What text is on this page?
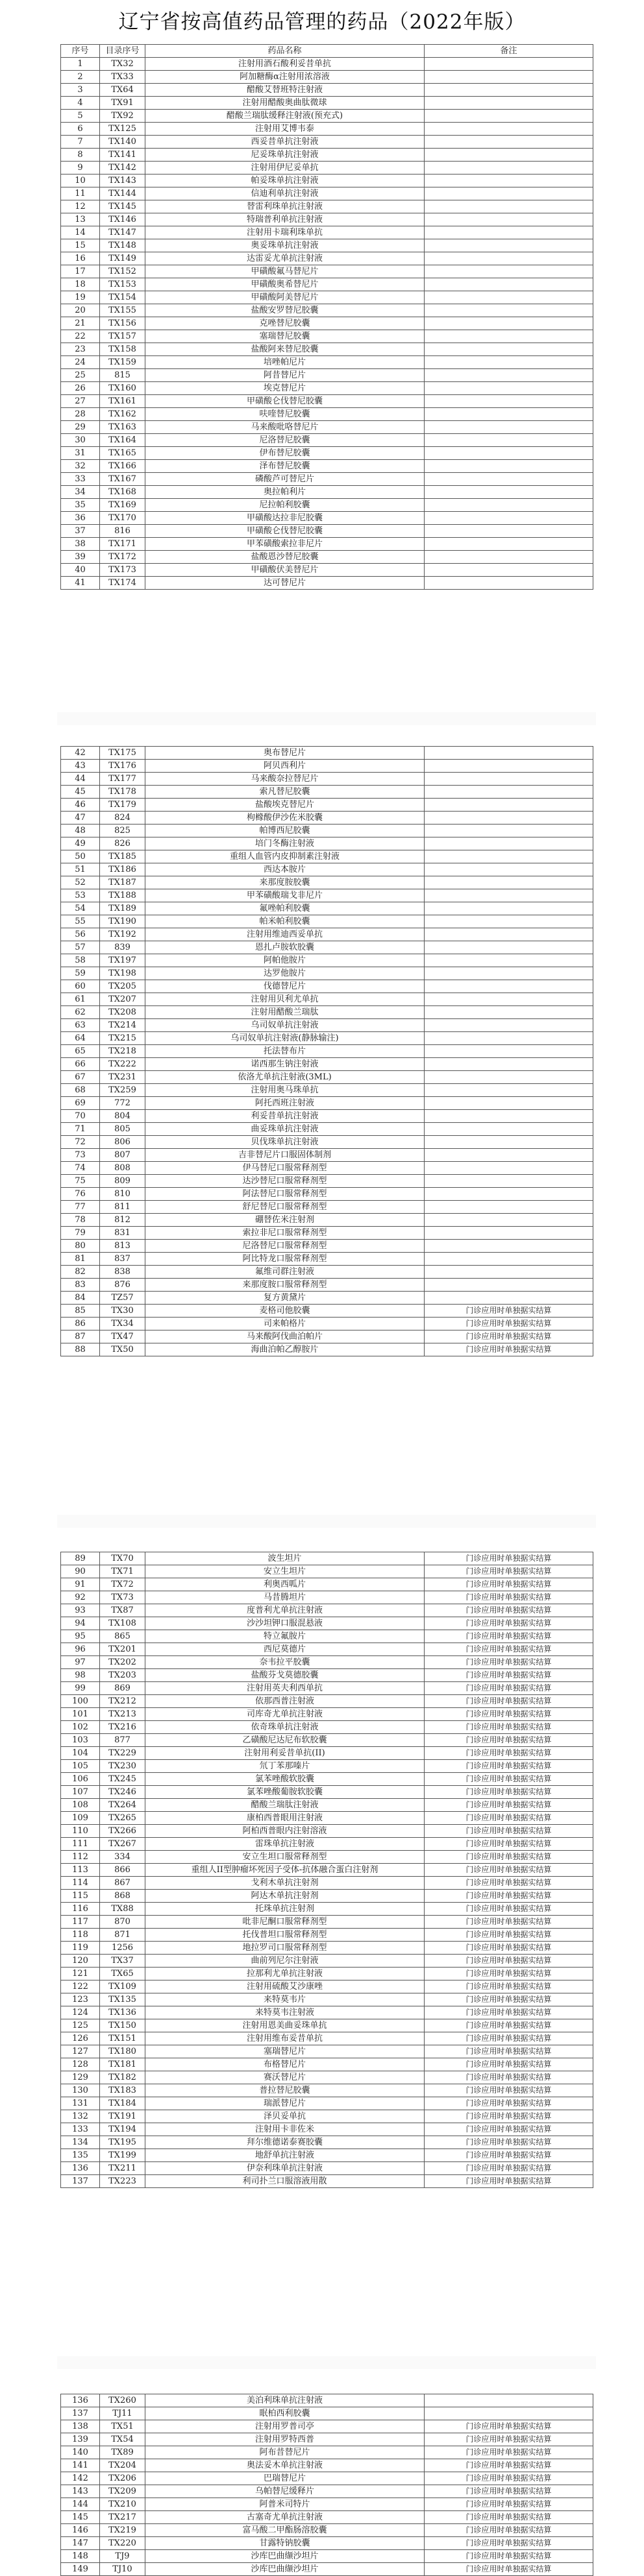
辽宁省按高值药品管理的药品（2022年版）
序号	目录序号	药品名称	备注
1	TX32	注射用酒石酸利妥昔单抗	
2	TX33	阿加糖酶α注射用浓溶液	
3	TX64	醋酸艾替班特注射液	
4	TX91	注射用醋酸奥曲肽微球	
5	TX92	醋酸兰瑞肽缓释注射液(预充式)	
6	TX125	注射用艾博韦泰	
7	TX140	西妥昔单抗注射液	
8	TX141	尼妥珠单抗注射液	
9	TX142	注射用伊尼妥单抗	
10	TX143	帕妥珠单抗注射液	
11	TX144	信迪利单抗注射液	
12	TX145	替雷利珠单抗注射液	
13	TX146	特瑞普利单抗注射液	
14	TX147	注射用卡瑞利珠单抗	
15	TX148	奥妥珠单抗注射液	
16	TX149	达雷妥尤单抗注射液	
17	TX152	甲磺酸氟马替尼片	
18	TX153	甲磺酸奥希替尼片	
19	TX154	甲磺酸阿美替尼片	
20	TX155	盐酸安罗替尼胶囊	
21	TX156	克唑替尼胶囊	
22	TX157	塞瑞替尼胶囊	
23	TX158	盐酸阿来替尼胶囊	
24	TX159	培唑帕尼片	
25	815	阿昔替尼片	
26	TX160	埃克替尼片	
27	TX161	甲磺酸仑伐替尼胶囊	
28	TX162	呋喹替尼胶囊	
29	TX163	马来酸吡咯替尼片	
30	TX164	尼洛替尼胶囊	
31	TX165	伊布替尼胶囊	
32	TX166	泽布替尼胶囊	
33	TX167	磷酸芦可替尼片	
34	TX168	奥拉帕利片	
35	TX169	尼拉帕利胶囊	
36	TX170	甲磺酸达拉非尼胶囊	
37	816	甲磺酸仑伐替尼胶囊	
38	TX171	甲苯磺酸索拉非尼片	
39	TX172	盐酸恩沙替尼胶囊	
40	TX173	甲磺酸伏美替尼片	
41	TX174	达可替尼片	
42	TX175	奥布替尼片	
43	TX176	阿贝西利片	
44	TX177	马来酸奈拉替尼片	
45	TX178	索凡替尼胶囊	
46	TX179	盐酸埃克替尼片	
47	824	枸橼酸伊沙佐米胶囊	
48	825	帕博西尼胶囊	
49	826	培门冬酶注射液	
50	TX185	重组人血管内皮抑制素注射液	
51	TX186	西达本胺片	
52	TX187	来那度胺胶囊	
53	TX188	甲苯磺酸瑞戈非尼片	
54	TX189	氟唑帕利胶囊	
55	TX190	帕米帕利胶囊	
56	TX192	注射用维迪西妥单抗	
57	839	恩扎卢胺软胶囊	
58	TX197	阿帕他胺片	
59	TX198	达罗他胺片	
60	TX205	伐德替尼片	
61	TX207	注射用贝利尤单抗	
62	TX208	注射用醋酸兰瑞肽	
63	TX214	乌司奴单抗注射液	
64	TX215	乌司奴单抗注射液(静脉输注)	
65	TX218	托法替布片	
66	TX222	诺西那生钠注射液	
67	TX231	依洛尤单抗注射液(3ML)	
68	TX259	注射用奥马珠单抗	
69	772	阿托西班注射液	
70	804	利妥昔单抗注射液	
71	805	曲妥珠单抗注射液	
72	806	贝伐珠单抗注射液	
73	807	吉非替尼片口服固体制剂	
74	808	伊马替尼口服常释剂型	
75	809	达沙替尼口服常释剂型	
76	810	阿法替尼口服常释剂型	
77	811	舒尼替尼口服常释剂型	
78	812	硼替佐米注射剂	
79	831	索拉非尼口服常释剂型	
80	813	尼洛替尼口服常释剂型	
81	837	阿比特龙口服常释剂型	
82	838	氟维司群注射液	
83	876	来那度胺口服常释剂型	
84	TZ57	复方黄黛片	
85	TX30	麦格司他胶囊	门诊应用时单独据实结算
86	TX34	司来帕格片	门诊应用时单独据实结算
87	TX47	马来酸阿伐曲泊帕片	门诊应用时单独据实结算
88	TX50	海曲泊帕乙醇胺片	门诊应用时单独据实结算
89	TX70	波生坦片	门诊应用时单独据实结算
90	TX71	安立生坦片	门诊应用时单独据实结算
91	TX72	利奥西呱片	门诊应用时单独据实结算
92	TX73	马昔腾坦片	门诊应用时单独据实结算
93	TX87	度普利尤单抗注射液	门诊应用时单独据实结算
94	TX108	沙沙坦钾口服混悬液	门诊应用时单独据实结算
95	865	特立氟胺片	门诊应用时单独据实结算
96	TX201	西尼莫德片	门诊应用时单独据实结算
97	TX202	奈韦拉平胶囊	门诊应用时单独据实结算
98	TX203	盐酸芬戈莫德胶囊	门诊应用时单独据实结算
99	869	注射用英夫利西单抗	门诊应用时单独据实结算
100	TX212	依那西普注射液	门诊应用时单独据实结算
101	TX213	司库奇尤单抗注射液	门诊应用时单独据实结算
102	TX216	依奇珠单抗注射液	门诊应用时单独据实结算
103	877	乙磺酸尼达尼布软胶囊	门诊应用时单独据实结算
104	TX229	注射用利妥昔单抗(II)	门诊应用时单独据实结算
105	TX230	氘丁苯那嗪片	门诊应用时单独据实结算
106	TX245	氯苯唑酸软胶囊	门诊应用时单独据实结算
107	TX246	氯苯唑酸葡胺软胶囊	门诊应用时单独据实结算
108	TX264	醋酸兰瑞肽注射液	门诊应用时单独据实结算
109	TX265	康柏西普眼用注射液	门诊应用时单独据实结算
110	TX266	阿柏西普眼内注射溶液	门诊应用时单独据实结算
111	TX267	雷珠单抗注射液	门诊应用时单独据实结算
112	334	安立生坦口服常释剂型	门诊应用时单独据实结算
113	866	重组人II型肿瘤坏死因子受体-抗体融合蛋白注射剂	门诊应用时单独据实结算
114	867	戈利木单抗注射剂	门诊应用时单独据实结算
115	868	阿达木单抗注射剂	门诊应用时单独据实结算
116	TX88	托珠单抗注射剂	门诊应用时单独据实结算
117	870	吡非尼酮口服常释剂型	门诊应用时单独据实结算
118	871	托伐普坦口服常释剂型	门诊应用时单独据实结算
119	1256	地拉罗司口服常释剂型	门诊应用时单独据实结算
120	TX37	曲前列尼尔注射液	门诊应用时单独据实结算
121	TX65	拉那利尤单抗注射液	门诊应用时单独据实结算
122	TX109	注射用硫酸艾沙康唑	门诊应用时单独据实结算
123	TX135	来特莫韦片	门诊应用时单独据实结算
124	TX136	来特莫韦注射液	门诊应用时单独据实结算
125	TX150	注射用恩美曲妥珠单抗	门诊应用时单独据实结算
126	TX151	注射用维布妥昔单抗	门诊应用时单独据实结算
127	TX180	塞瑞替尼片	门诊应用时单独据实结算
128	TX181	布格替尼片	门诊应用时单独据实结算
129	TX182	赛沃替尼片	门诊应用时单独据实结算
130	TX183	普拉替尼胶囊	门诊应用时单独据实结算
131	TX184	瑞派替尼片	门诊应用时单独据实结算
132	TX191	泽贝妥单抗	门诊应用时单独据实结算
133	TX194	注射用卡非佐米	门诊应用时单独据实结算
134	TX195	拜尔维德诺泰赛胶囊	门诊应用时单独据实结算
135	TX199	地舒单抗注射液	门诊应用时单独据实结算
136	TX211	伊奈利珠单抗注射液	门诊应用时单独据实结算
137	TX223	利司扑兰口服溶液用散	门诊应用时单独据实结算
136	TX260	美泊利珠单抗注射液	
137	TJ11	眠柏西利胶囊	
138	TX51	注射用罗普司亭	门诊应用时单独据实结算
139	TX54	注射用罗特西普	门诊应用时单独据实结算
140	TX89	阿布昔替尼片	门诊应用时单独据实结算
141	TX204	奥法妥木单抗注射液	门诊应用时单独据实结算
142	TX206	巴瑞替尼片	门诊应用时单独据实结算
143	TX209	乌帕替尼缓释片	门诊应用时单独据实结算
144	TX210	阿普米司特片	门诊应用时单独据实结算
145	TX217	古塞奇尤单抗注射液	门诊应用时单独据实结算
146	TX219	富马酸二甲酯肠溶胶囊	门诊应用时单独据实结算
147	TX220	甘露特钠胶囊	门诊应用时单独据实结算
148	TJ9	沙库巴曲缬沙坦片	门诊应用时单独据实结算
149	TJ10	沙库巴曲缬沙坦片	门诊应用时单独据实结算
